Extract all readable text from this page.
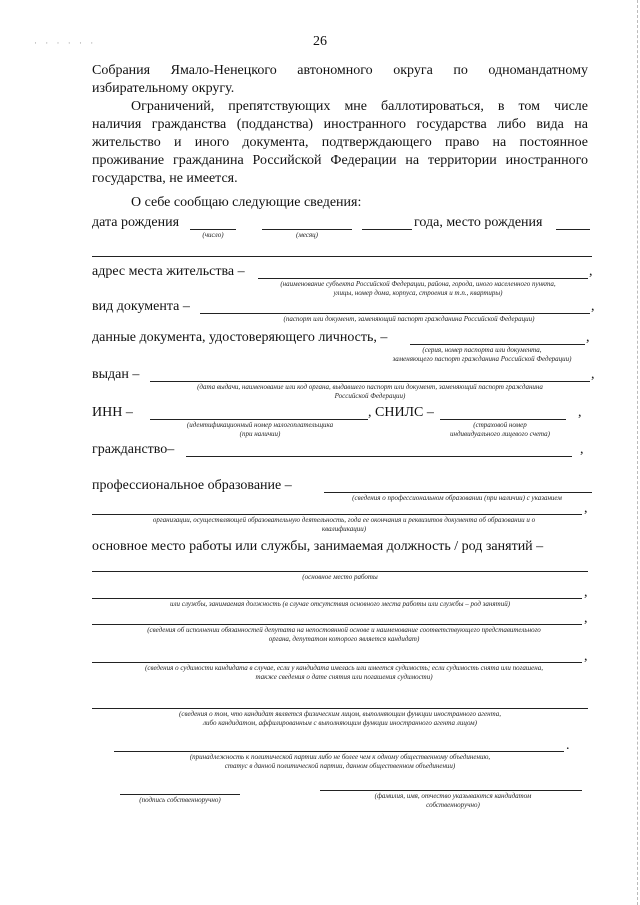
· · · · · ·	26
Собрания Ямало-Ненецкого автономного округа по одномандатному
избирательному округу.
Ограничений, препятствующих мне баллотироваться, в том числе
наличия гражданства (подданства) иностранного государства либо вида на
жительство и иного документа, подтверждающего право на постоянное
проживание гражданина Российской Федерации на территории иностранного
государства, не имеется.
О себе сообщаю следующие сведения:
дата рождения	года, место рождения
(число)	(месяц)
адрес места жительства –	,
(наименование субъекта Российской Федерации, района, города, иного населенного пункта,
улицы, номер дома, корпуса, строения и т.п., квартиры)
вид документа –	,
(паспорт или документ, заменяющий паспорт гражданина Российской Федерации)
данные документа, удостоверяющего личность, –	,
(серия, номер паспорта или документа,
заменяющего паспорт гражданина Российской Федерации)
выдан –	,
(дата выдачи, наименование или код органа, выдавшего паспорт или документ, заменяющий паспорт гражданина
Российской Федерации)
ИНН –	, СНИЛС –	,
(идентификационный номер налогоплательщика
(при наличии)
(страховой номер
индивидуального лицевого счета)
гражданство–	,
профессиональное образование –
(сведения о профессиональном образовании (при наличии) с указанием
,
организации, осуществляющей образовательную деятельность, года ее окончания и реквизитов документа об образовании и о
квалификации)
основное место работы или службы, занимаемая должность / род занятий –
(основное место работы
,
или службы, занимаемая должность (в случае отсутствия основного места работы или службы – род занятий)
,
(сведения об исполнении обязанностей депутата на непостоянной основе и наименование соответствующего представительного
органа, депутатом которого является кандидат)
,
(сведения о судимости кандидата в случае, если у кандидата имелась или имеется судимость; если судимость снята или погашена,
также сведения о дате снятия или погашения судимости)
(сведения о том, что кандидат является физическим лицом, выполняющим функции иностранного агента,
либо кандидатом, аффилированным с выполняющим функции иностранного агента лицом)
.
(принадлежность к политической партии либо не более чем к одному общественному объединению,
статус в данной политической партии, данном общественном объединении)
(подпись собственноручно)	(фамилия, имя, отчество указываются кандидатом
собственноручно)
